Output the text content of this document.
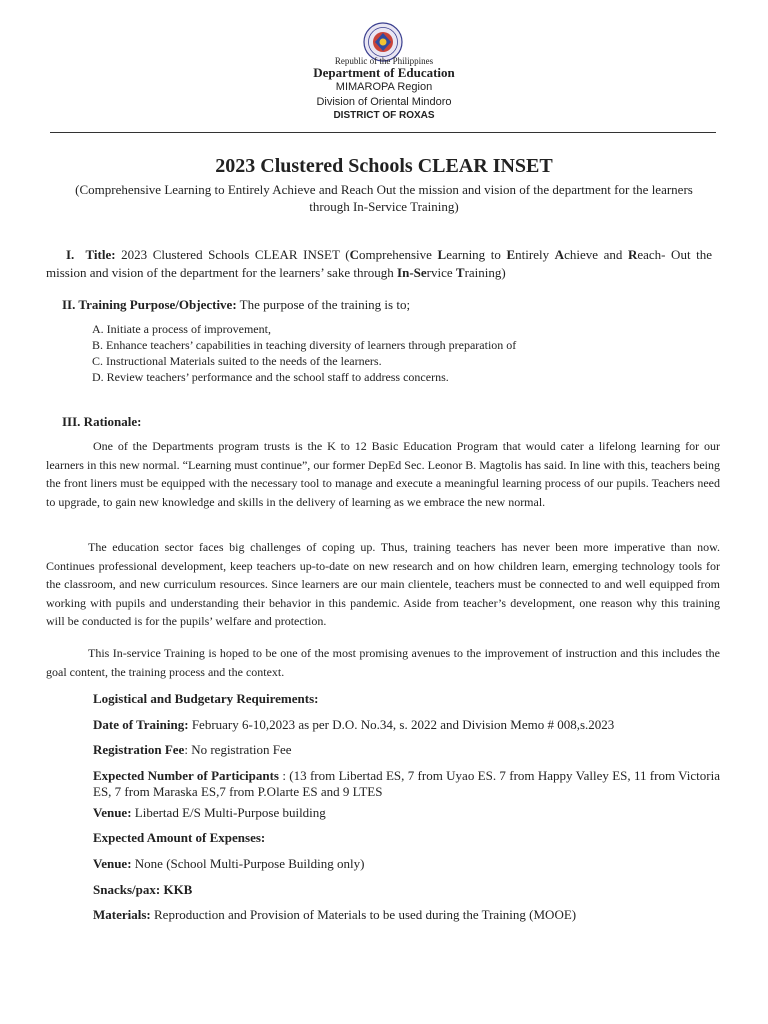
Republic of the Philippines
Department of Education
MIMAROPA Region
Division of Oriental Mindoro
DISTRICT OF ROXAS
2023 Clustered Schools CLEAR INSET
(Comprehensive Learning to Entirely Achieve and Reach Out the mission and vision of the department for the learners through In-Service Training)
I. Title: 2023 Clustered Schools CLEAR INSET (Comprehensive Learning to Entirely Achieve and Reach- Out the mission and vision of the department for the learners’ sake through In-Service Training)
II. Training Purpose/Objective: The purpose of the training is to;
A. Initiate a process of improvement,
B. Enhance teachers’ capabilities in teaching diversity of learners through preparation of
C. Instructional Materials suited to the needs of the learners.
D. Review teachers’ performance and the school staff to address concerns.
III. Rationale:
One of the Departments program trusts is the K to 12 Basic Education Program that would cater a lifelong learning for our learners in this new normal. “Learning must continue”, our former DepEd Sec. Leonor B. Magtolis has said. In line with this, teachers being the front liners must be equipped with the necessary tool to manage and execute a meaningful learning process of our pupils. Teachers need to upgrade, to gain new knowledge and skills in the delivery of learning as we embrace the new normal.
The education sector faces big challenges of coping up. Thus, training teachers has never been more imperative than now. Continues professional development, keep teachers up-to-date on new research and on how children learn, emerging technology tools for the classroom, and new curriculum resources. Since learners are our main clientele, teachers must be connected to and well equipped from working with pupils and understanding their behavior in this pandemic. Aside from teacher’s development, one reason why this training will be conducted is for the pupils’ welfare and protection.
This In-service Training is hoped to be one of the most promising avenues to the improvement of instruction and this includes the goal content, the training process and the context.
Logistical and Budgetary Requirements:
Date of Training: February 6-10,2023 as per D.O. No.34, s. 2022 and Division Memo # 008,s.2023
Registration Fee: No registration Fee
Expected Number of Participants : (13 from Libertad ES, 7 from Uyao ES. 7 from Happy Valley ES, 11 from Victoria ES, 7 from Maraska ES,7 from P.Olarte ES and 9 LTES
Venue: Libertad E/S Multi-Purpose building
Expected Amount of Expenses:
Venue: None (School Multi-Purpose Building only)
Snacks/pax: KKB
Materials: Reproduction and Provision of Materials to be used during the Training (MOOE)
